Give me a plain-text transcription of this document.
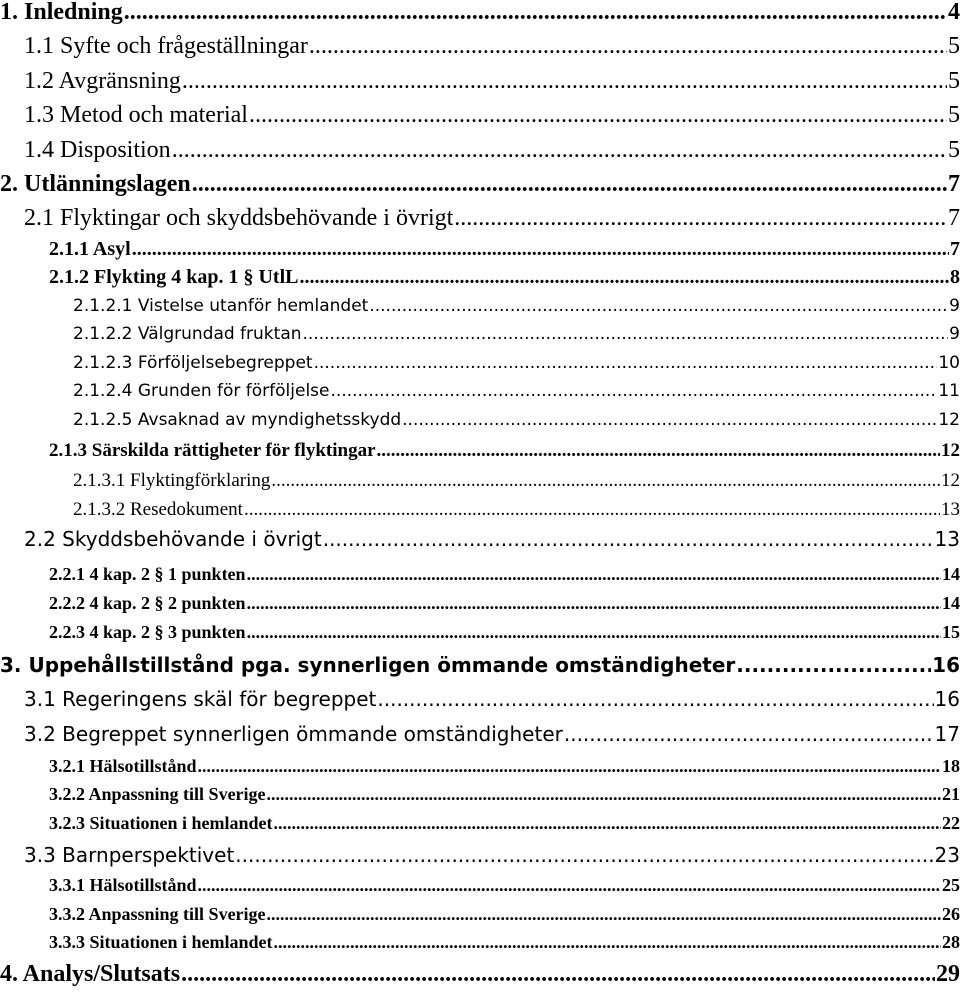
1. Inledning .....	4
1.1 Syfte och frågeställningar .....	5
1.2 Avgränsning .....	5
1.3 Metod och material .....	5
1.4 Disposition .....	5
2. Utlänningslagen .....	7
2.1 Flyktingar och skyddsbehövande i övrigt .....	7
2.1.1 Asyl .....	7
2.1.2 Flykting 4 kap. 1 § UtlL .....	8
2.1.2.1 Vistelse utanför hemlandet .....	9
2.1.2.2 Välgrundad fruktan .....	9
2.1.2.3 Förföljelsebegreppet .....	10
2.1.2.4 Grunden för förföljelse .....	11
2.1.2.5 Avsaknad av myndighetsskydd .....	12
2.1.3 Särskilda rättigheter för flyktingar .....	12
2.1.3.1 Flyktingförklaring .....	12
2.1.3.2 Resedokument .....	13
2.2 Skyddsbehövande i övrigt .....	13
2.2.1 4 kap. 2 § 1 punkten .....	14
2.2.2 4 kap. 2 § 2 punkten .....	14
2.2.3 4 kap. 2 § 3 punkten .....	15
3. Uppehållstillstånd pga. synnerligen ömmande omständigheter .....	16
3.1 Regeringens skäl för begreppet .....	16
3.2 Begreppet synnerligen ömmande omständigheter .....	17
3.2.1 Hälsotillstånd .....	18
3.2.2 Anpassning till Sverige .....	21
3.2.3 Situationen i hemlandet .....	22
3.3 Barnperspektivet .....	23
3.3.1 Hälsotillstånd .....	25
3.3.2 Anpassning till Sverige .....	26
3.3.3 Situationen i hemlandet .....	28
4. Analys/Slutsats .....	29
